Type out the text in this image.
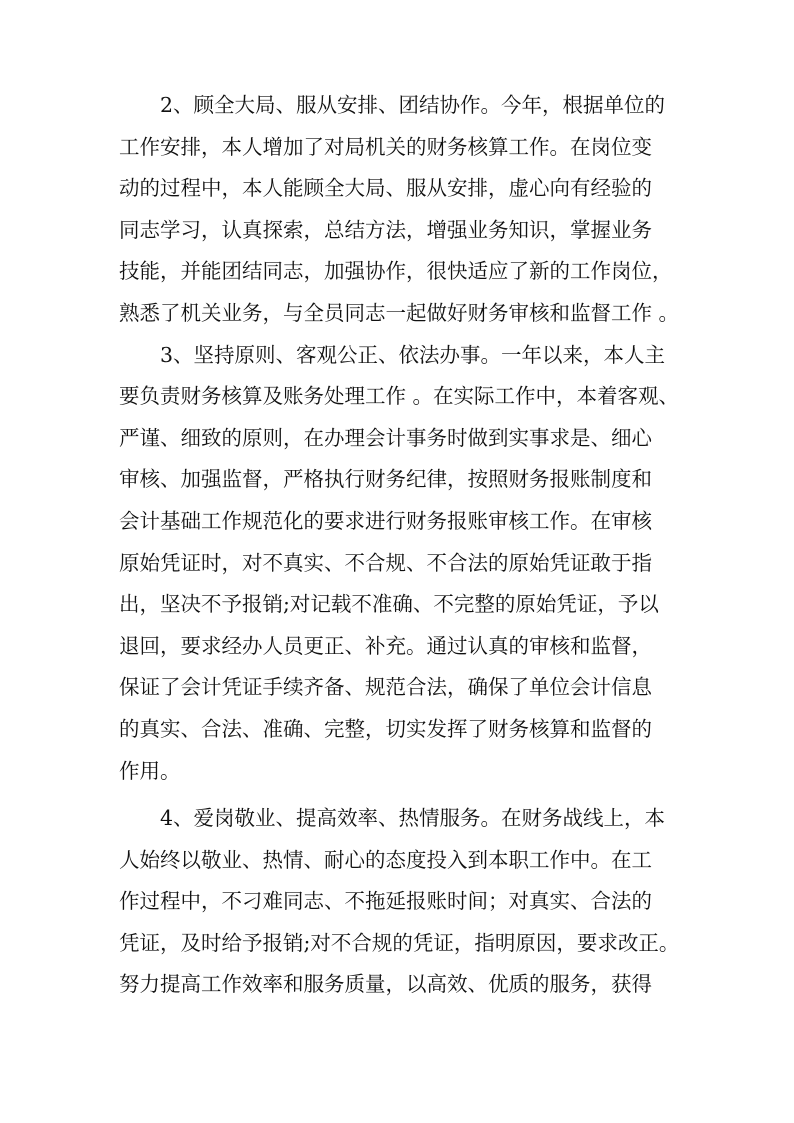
2、顾全大局、服从安排、团结协作。今年，根据单位的
工作安排，本人增加了对局机关的财务核算工作。在岗位变
动的过程中，本人能顾全大局、服从安排，虚心向有经验的
同志学习，认真探索，总结方法，增强业务知识，掌握业务
技能，并能团结同志，加强协作，很快适应了新的工作岗位，
熟悉了机关业务，与全员同志一起做好财务审核和监督工作 。
3、坚持原则、客观公正、依法办事。一年以来，本人主
要负责财务核算及账务处理工作 。在实际工作中，本着客观、
严谨、细致的原则，在办理会计事务时做到实事求是、细心
审核、加强监督，严格执行财务纪律，按照财务报账制度和
会计基础工作规范化的要求进行财务报账审核工作。在审核
原始凭证时，对不真实、不合规、不合法的原始凭证敢于指
出，坚决不予报销;对记载不准确、不完整的原始凭证，予以
退回，要求经办人员更正、补充。通过认真的审核和监督，
保证了会计凭证手续齐备、规范合法，确保了单位会计信息
的真实、合法、准确、完整，切实发挥了财务核算和监督的
作用。
4、爱岗敬业、提高效率、热情服务。在财务战线上，本
人始终以敬业、热情、耐心的态度投入到本职工作中。在工
作过程中，不刁难同志、不拖延报账时间；对真实、合法的
凭证，及时给予报销;对不合规的凭证，指明原因，要求改正。
努力提高工作效率和服务质量，以高效、优质的服务，获得
